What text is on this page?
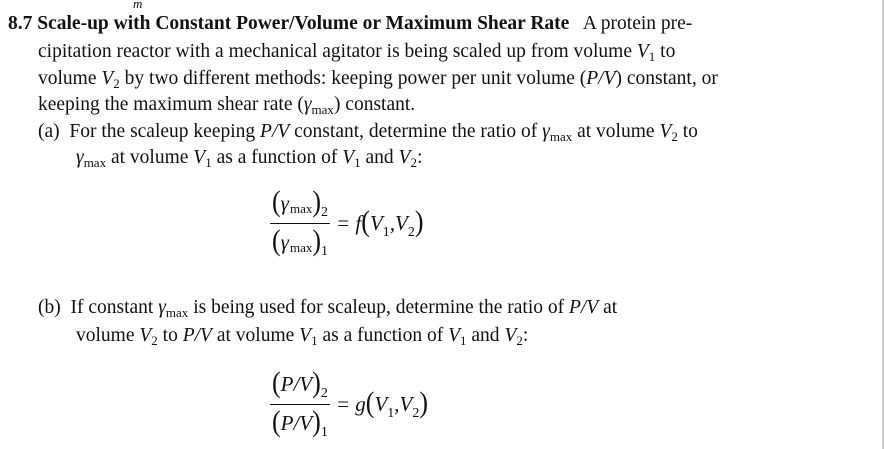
m
8.7 Scale-up with Constant Power/Volume or Maximum Shear Rate A protein pre-
cipitation reactor with a mechanical agitator is being scaled up from volume $V_1$ to
volume $V_2$ by two different methods: keeping power per unit volume (P/V) constant, or
keeping the maximum shear rate $(\gamma_{max})$ constant.
(a) For the scaleup keeping P/V constant, determine the ratio of $\gamma_{max}$ at volume $V_2$ to
$\gamma_{max}$ at volume $V_1$ as a function of $V_1$ and $V_2$:
$\frac{(\gamma\max)_2}{(\gamma\max)_1} = f(V_1,V_2)$
(b) If constant $\gamma_{max}$ is being used for scaleup, determine the ratio of P/V at
volume $V_2$ to P/V at volume $V_1$ as a function of $V_1$ and $V_2$:
$\frac{(P/V)_2}{(P/V)_1} = g(V_1,V_2)$
